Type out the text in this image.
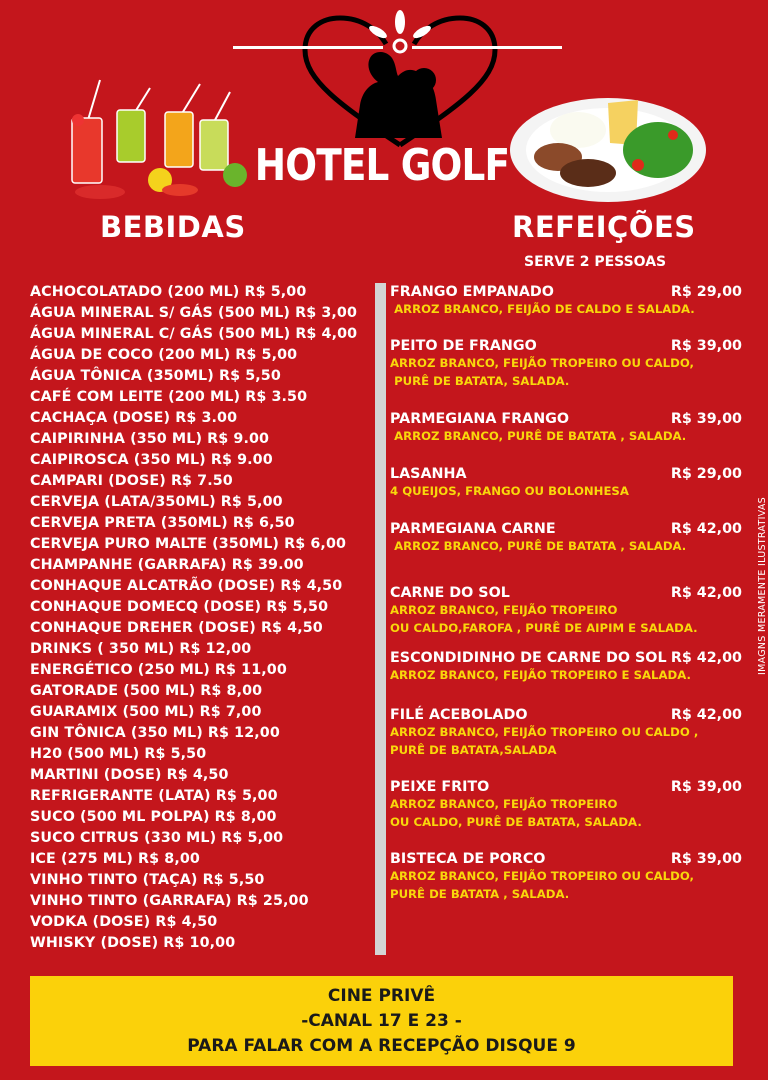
HOTEL GOLF
BEBIDAS	REFEIÇÕES
SERVE 2 PESSOAS
ACHOCOLATADO (200 ML) R$ 5,00
ÁGUA MINERAL S/ GÁS (500 ML) R$ 3,00
ÁGUA MINERAL C/ GÁS (500 ML) R$ 4,00
ÁGUA DE COCO (200 ML) R$ 5,00
ÁGUA TÔNICA (350ML) R$ 5,50
CAFÉ COM LEITE (200 ML) R$ 3.50
CACHAÇA (DOSE) R$ 3.00
CAIPIRINHA (350 ML) R$ 9.00
CAIPIROSCA (350 ML) R$ 9.00
CAMPARI (DOSE) R$ 7.50
CERVEJA (LATA/350ML) R$ 5,00
CERVEJA PRETA (350ML) R$ 6,50
CERVEJA PURO MALTE (350ML) R$ 6,00
CHAMPANHE (GARRAFA) R$ 39.00
CONHAQUE ALCATRÃO (DOSE) R$ 4,50
CONHAQUE DOMECQ (DOSE) R$ 5,50
CONHAQUE DREHER (DOSE) R$ 4,50
DRINKS ( 350 ML) R$ 12,00
ENERGÉTICO (250 ML) R$ 11,00
GATORADE (500 ML) R$ 8,00
GUARAMIX (500 ML) R$ 7,00
GIN TÔNICA (350 ML) R$ 12,00
H20 (500 ML) R$ 5,50
MARTINI (DOSE) R$ 4,50
REFRIGERANTE (LATA) R$ 5,00
SUCO (500 ML POLPA) R$ 8,00
SUCO CITRUS (330 ML) R$ 5,00
ICE (275 ML) R$ 8,00
VINHO TINTO (TAÇA) R$ 5,50
VINHO TINTO (GARRAFA) R$ 25,00
VODKA (DOSE) R$ 4,50
WHISKY (DOSE) R$ 10,00
FRANGO EMPANADO	R$ 29,00
ARROZ BRANCO, FEIJÃO DE CALDO E SALADA.
PEITO DE FRANGO	R$ 39,00
ARROZ BRANCO, FEIJÃO TROPEIRO OU CALDO,
PURÊ DE BATATA, SALADA.
PARMEGIANA FRANGO	R$ 39,00
ARROZ BRANCO, PURÊ DE BATATA , SALADA.
LASANHA	R$ 29,00
4 QUEIJOS, FRANGO OU BOLONHESA
PARMEGIANA CARNE	R$ 42,00
ARROZ BRANCO, PURÊ DE BATATA , SALADA.
CARNE DO SOL	R$ 42,00
ARROZ BRANCO, FEIJÃO TROPEIRO
OU CALDO,FAROFA , PURÊ DE AIPIM E SALADA.
ESCONDIDINHO DE CARNE DO SOL R$ 42,00
ARROZ BRANCO, FEIJÃO TROPEIRO E SALADA.
FILÉ ACEBOLADO	R$ 42,00
ARROZ BRANCO, FEIJÃO TROPEIRO OU CALDO ,
PURÊ DE BATATA,SALADA
PEIXE FRITO	R$ 39,00
ARROZ BRANCO, FEIJÃO TROPEIRO
OU CALDO, PURÊ DE BATATA, SALADA.
BISTECA DE PORCO	R$ 39,00
ARROZ BRANCO, FEIJÃO TROPEIRO OU CALDO,
PURÊ DE BATATA , SALADA.
IMAGNS MERAMENTE ILUSTRATIVAS
CINE PRIVÊ
-CANAL 17 E 23 -
PARA FALAR COM A RECEPÇÃO DISQUE 9
